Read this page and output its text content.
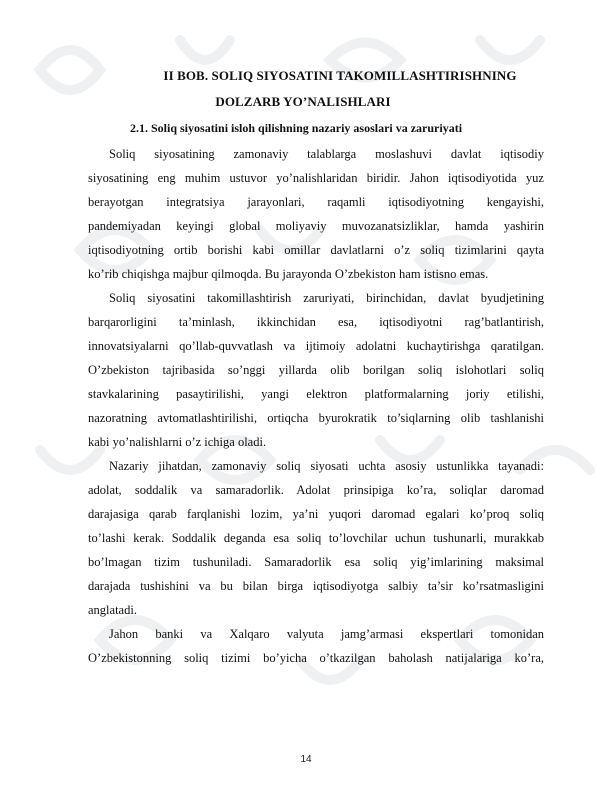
II BOB. SOLIQ SIYOSATINI TAKOMILLASHTIRISHNING
DOLZARB YO’NALISHLARI
2.1. Soliq siyosatini isloh qilishning nazariy asoslari va zaruriyati
Soliq siyosatining zamonaviy talablarga moslashuvi davlat iqtisodiy
siyosatining eng muhim ustuvor yo’nalishlaridan biridir. Jahon iqtisodiyotida yuz
berayotgan integratsiya jarayonlari, raqamli iqtisodiyotning kengayishi,
pandemiyadan keyingi global moliyaviy muvozanatsizliklar, hamda yashirin
iqtisodiyotning ortib borishi kabi omillar davlatlarni o’z soliq tizimlarini qayta
ko’rib chiqishga majbur qilmoqda. Bu jarayonda O’zbekiston ham istisno emas.
Soliq siyosatini takomillashtirish zaruriyati, birinchidan, davlat byudjetining
barqarorligini ta’minlash, ikkinchidan esa, iqtisodiyotni rag’batlantirish,
innovatsiyalarni qo’llab-quvvatlash va ijtimoiy adolatni kuchaytirishga qaratilgan.
O’zbekiston tajribasida so’nggi yillarda olib borilgan soliq islohotlari soliq
stavkalarining pasaytirilishi, yangi elektron platformalarning joriy etilishi,
nazoratning avtomatlashtirilishi, ortiqcha byurokratik to’siqlarning olib tashlanishi
kabi yo’nalishlarni o’z ichiga oladi.
Nazariy jihatdan, zamonaviy soliq siyosati uchta asosiy ustunlikka tayanadi:
adolat, soddalik va samaradorlik. Adolat prinsipiga ko’ra, soliqlar daromad
darajasiga qarab farqlanishi lozim, ya’ni yuqori daromad egalari ko’proq soliq
to’lashi kerak. Soddalik deganda esa soliq to’lovchilar uchun tushunarli, murakkab
bo’lmagan tizim tushuniladi. Samaradorlik esa soliq yig’imlarining maksimal
darajada tushishini va bu bilan birga iqtisodiyotga salbiy ta’sir ko’rsatmasligini
anglatadi.
Jahon banki va Xalqaro valyuta jamg’armasi ekspertlari tomonidan
O’zbekistonning soliq tizimi bo’yicha o’tkazilgan baholash natijalariga ko’ra,
14
